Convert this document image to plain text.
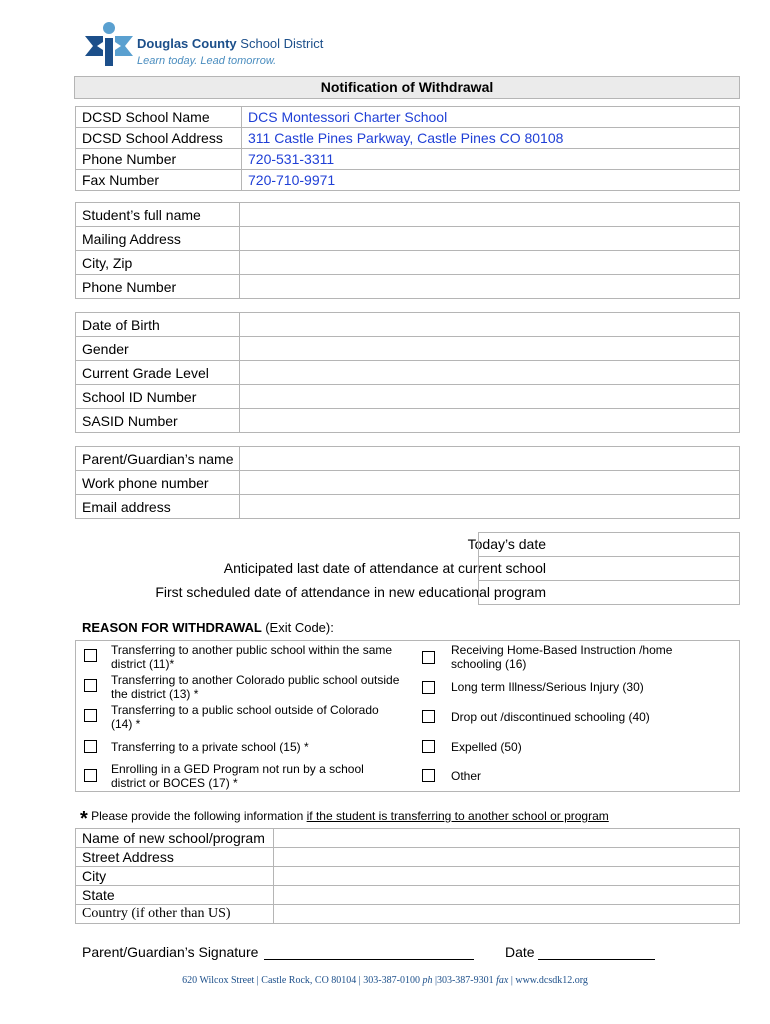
Douglas County School District
Learn today. Lead tomorrow.
Notification of Withdrawal
DCSD School Name	DCS Montessori Charter School
DCSD School Address	311 Castle Pines Parkway, Castle Pines CO 80108
Phone Number	720-531-3311
Fax Number	720-710-9971
Student’s full name	
Mailing Address	
City, Zip	
Phone Number	
Date of Birth	
Gender	
Current Grade Level	
School ID Number	
SASID Number	
Parent/Guardian’s name	
Work phone number	
Email address	
Today’s date
Anticipated last date of attendance at current school
First scheduled date of attendance in new educational program
REASON FOR WITHDRAWAL (Exit Code):
Transferring to another public school within the same district (11)*
Transferring to another Colorado public school outside the district (13) *
Transferring to a public school outside of Colorado (14) *
Transferring to a private school (15) *
Enrolling in a GED Program not run by a school district or BOCES (17) *
Receiving Home-Based Instruction /home schooling (16)
Long term Illness/Serious Injury (30)
Drop out /discontinued schooling (40)
Expelled (50)
Other
* Please provide the following information if the student is transferring to another school or program
Name of new school/program	
Street Address	
City	
State	
Country (if other than US)	
Parent/Guardian’s Signature	Date
620 Wilcox Street | Castle Rock, CO 80104 | 303-387-0100 ph |303-387-9301 fax | www.dcsdk12.org
